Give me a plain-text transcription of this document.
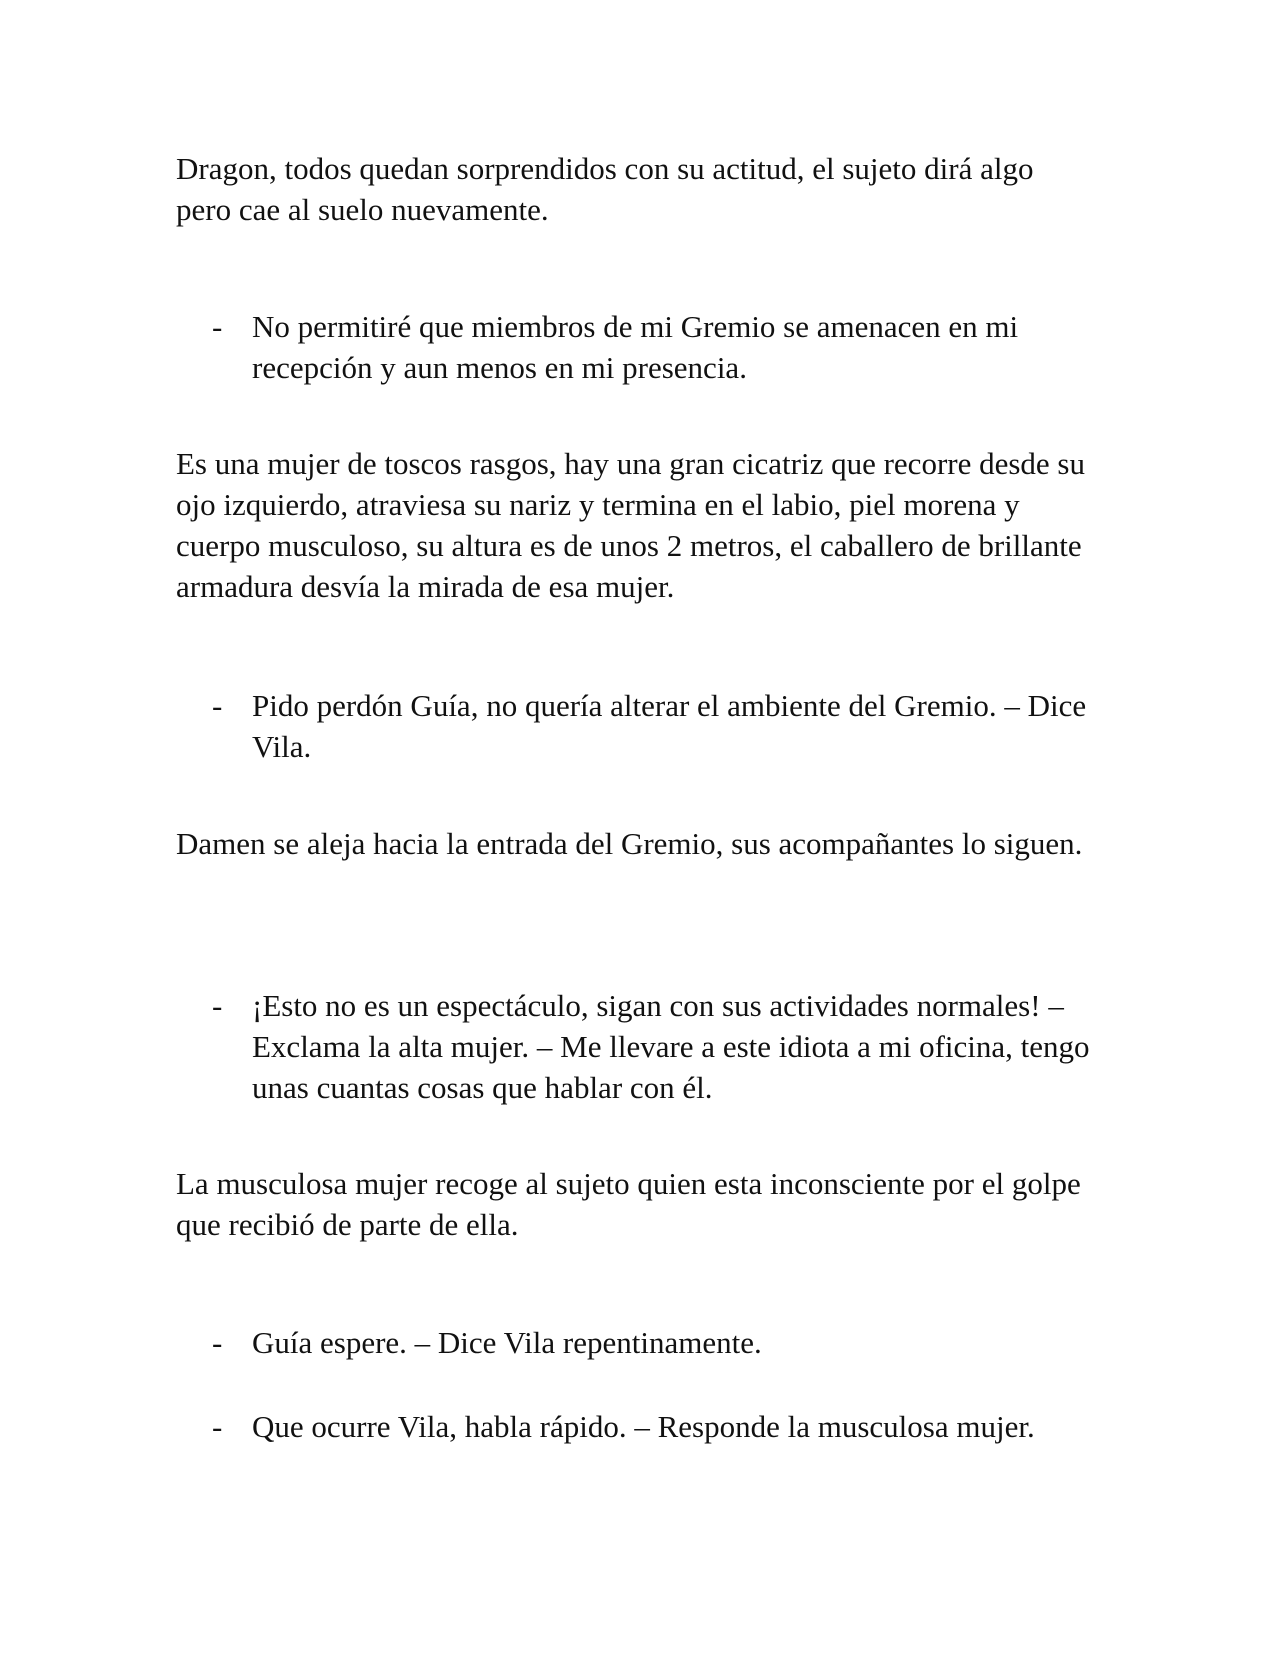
Dragon, todos quedan sorprendidos con su actitud, el sujeto dirá algo pero cae al suelo nuevamente.

- No permitiré que miembros de mi Gremio se amenacen en mi recepción y aun menos en mi presencia.

Es una mujer de toscos rasgos, hay una gran cicatriz que recorre desde su ojo izquierdo, atraviesa su nariz y termina en el labio, piel morena y cuerpo musculoso, su altura es de unos 2 metros, el caballero de brillante armadura desvía la mirada de esa mujer.

- Pido perdón Guía, no quería alterar el ambiente del Gremio. – Dice Vila.

Damen se aleja hacia la entrada del Gremio, sus acompañantes lo siguen.

- ¡Esto no es un espectáculo, sigan con sus actividades normales! – Exclama la alta mujer. – Me llevare a este idiota a mi oficina, tengo unas cuantas cosas que hablar con él.

La musculosa mujer recoge al sujeto quien esta inconsciente por el golpe que recibió de parte de ella.

- Guía espere. – Dice Vila repentinamente.

- Que ocurre Vila, habla rápido. – Responde la musculosa mujer.
